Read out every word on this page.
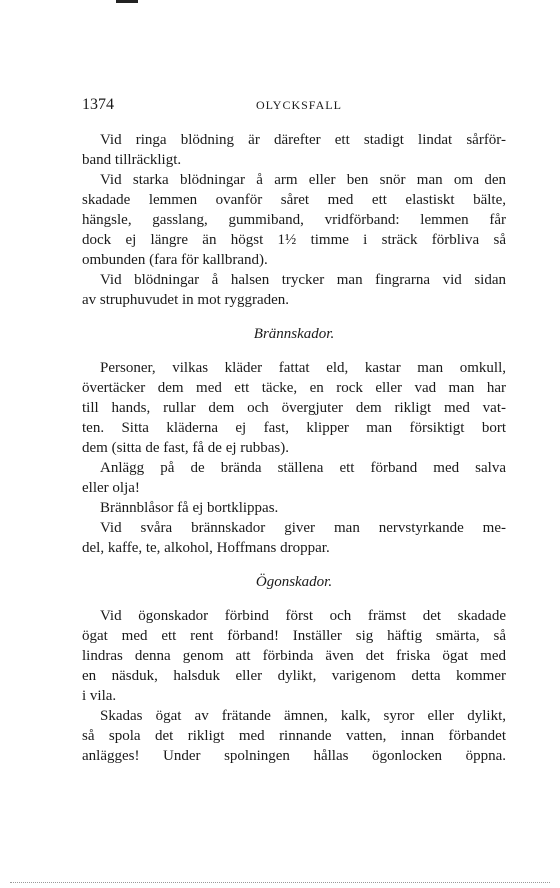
1374	OLYCKSFALL
Vid ringa blödning är därefter ett stadigt lindat sårför-
band tillräckligt.
Vid starka blödningar å arm eller ben snör man om den
skadade lemmen ovanför såret med ett elastiskt bälte,
hängsle, gasslang, gummiband, vridförband: lemmen får
dock ej längre än högst 1½ timme i sträck förbliva så
ombunden (fara för kallbrand).
Vid blödningar å halsen trycker man fingrarna vid sidan
av struphuvudet in mot ryggraden.
Brännskador.
Personer, vilkas kläder fattat eld, kastar man omkull,
övertäcker dem med ett täcke, en rock eller vad man har
till hands, rullar dem och övergjuter dem rikligt med vat-
ten. Sitta kläderna ej fast, klipper man försiktigt bort
dem (sitta de fast, få de ej rubbas).
Anlägg på de brända ställena ett förband med salva
eller olja!
Brännblåsor få ej bortklippas.
Vid svåra brännskador giver man nervstyrkande me-
del, kaffe, te, alkohol, Hoffmans droppar.
Ögonskador.
Vid ögonskador förbind först och främst det skadade
ögat med ett rent förband! Inställer sig häftig smärta, så
lindras denna genom att förbinda även det friska ögat med
en näsduk, halsduk eller dylikt, varigenom detta kommer
i vila.
Skadas ögat av frätande ämnen, kalk, syror eller dylikt,
så spola det rikligt med rinnande vatten, innan förbandet
anlägges! Under spolningen hållas ögonlocken öppna.
